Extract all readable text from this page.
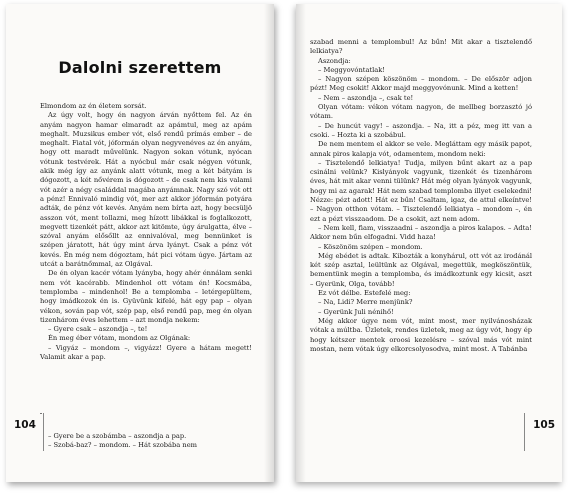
Dalolni szerettem

Elmondom az én életem sorsát.

Az úgy volt, hogy én nagyon árván nyőttem fel. Az én anyám nagyon hamar elmaradt az apámtul, meg az apám meghalt. Muzsikus ember vót, első rendű prímás ember – de meghalt. Fiatal vót, jóformán olyan negyvenéves az én anyám, hogy ott maradt művelünk. Nagyon sokan vótunk, nyócan vótunk testvérek. Hát a nyócbul már csak négyen vótunk, akik még így az anyánk alatt vótunk, meg a két bátyám is dógozott, a két nővérem is dógozott – de csak nem kis valami vót azér a négy családdal magába anyámnak. Nagy szó vót ott a pénz! Ennivaló mindig vót, mer azt akkor jóformán potyára adták, de pénz vót kevés. Anyám nem bírta azt, hogy becsüljö asszon vót, ment tollazni, meg hízott libákkal is foglalkozott, megvett tizenkét pátt, akkor azt kitömte, úgy árulgatta, élve – szóval anyám elősőllt az ennivalóval, meg bennünket is szépen járatott, hát úgy mint árva lyányt. Csak a pénz vót kevés. Én még nem dógoztam, hát pici vótam úgye. Jártam az utcát a barátnőmmal, az Olgával.

De én olyan kacér vótam lyányba, hogy ahér énnálam senki nem vót kacérabb. Mindenhol ott vótam én! Kocsmába, templomba – mindenhol! Be a templomba – letérgepültem, hogy imádkozok én is. Gyüvünk kifelé, hát egy pap – olyan vékon, sován pap vót, szép pap, első rendű pap, meg én olyan tizenhárom éves lehettem – azt mondja nekem:

– Gyere csak – aszondja –, te!

Én meg éber vótam, mondom az Olgának:

– Vigyáz – mondom –, vigyázz! Gyere a hátam megett! Valamit akar a pap.

– Gyere be a szobámba – aszondja a pap.

– Szobá-baz? – mondom. – Hát szobába nem

104

szabad menni a templombul! Az bűn! Mit akar a tisztelendő lelkiatya?

Aszondja:

– Meggyovóntatlak!

– Nagyon szépen köszönöm – mondom. – De először adjon pézt! Meg csokit! Akkor majd meggyovónunk. Mind a ketten!

– Nem – aszondja –, csak te!

Olyan vótam: vékon vótam nagyon, de mellbeg borzasztó jó vótam.

– De huncút vagy! – aszondja. – Na, itt a péz, meg itt van a csoki. – Hozta ki a szobábul.

De nem mentem el akkor se vele. Megláttam egy másik papot, annak piros kalapja vót, odamentem, mondom neki:

– Tisztelendő lelkiatya! Tudja, milyen bűnt akart az a pap csinálni velünk? Kislyányok vagyunk, tizenkét és tizenhárom éves, hát mit akar venni tülünk? Hát még olyan lyányok vagyunk, hogy mi az agarak! Hát nem szabad templomba illyet cselekedni! Nézze: pézt adott! Hát ez bűn! Csaltam, igaz, de attul elkeíntve! – Nagyon otthon vótam. – Tisztelendő lelkiatya – mondom –, én ezt a pézt visszaadom. De a csokit, azt nem adom.

– Nem kell, fiam, visszaadni – aszondja a piros kalapos. – Adta! Akkor nem bűn elfogadni. Vidd haza!

– Köszönöm szépen – mondom.

Még ebédet is adtak. Kibozták a konyhárul, ott vót az irodánál két szép asztal, leültünk az Olgával, megettük, megköszöntük, bementünk megin a templomba, és imádkoztunk egy kicsit, aszt – Gyerünk, Olga, tovább!

Ez vót délbe. Estefelé meg:

– Na, Lidi? Merre menjünk?

– Gyerünk Juli nénihő!

Még akkor úgye nem vót, mint most, mer nyilvánosházak vótak a múltba. Üzletek, rendes üzletek, meg az úgy vót, hogy ép hogy kétszer mentek oroosi kezelésre – szóval más vót mint mostan, nem vótak úgy elkorcsolyosodva, mint most. A Tabánba

105
